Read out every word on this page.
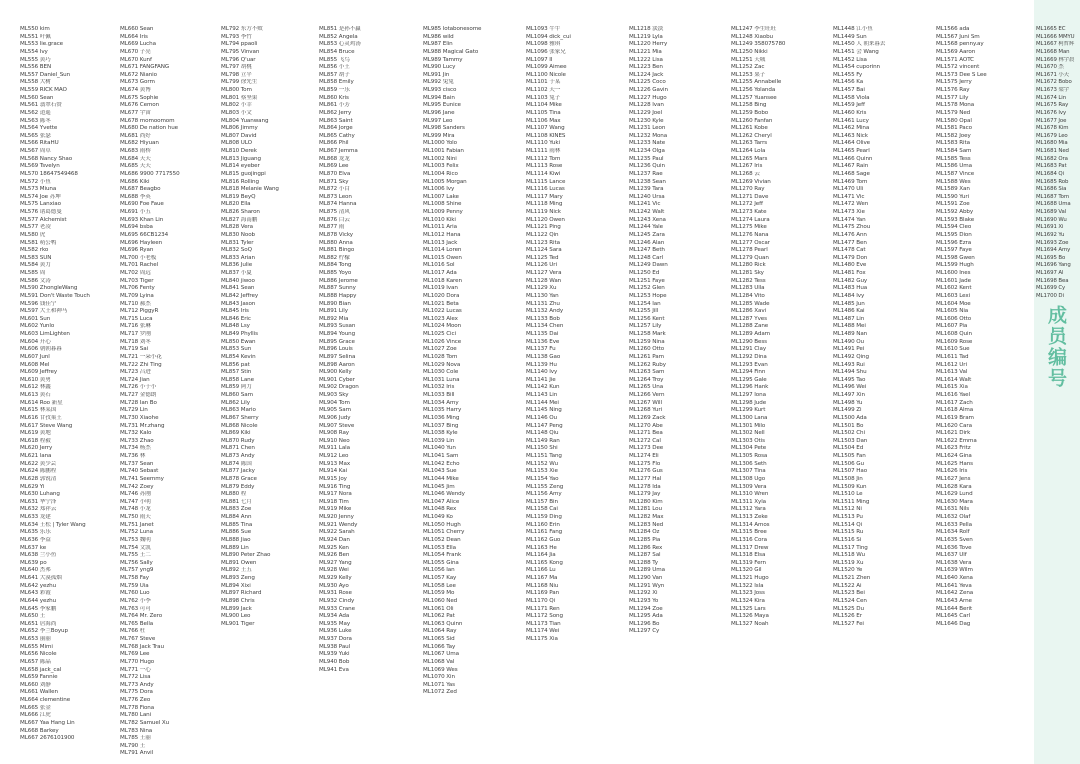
ML550 kim
ML551 叶佩
ML553 lie.grace
ML554 Ivy
ML555 黄巧
ML556 BEN
ML557 Daniel_Sun
ML558 大树
ML559 RICK MAO
ML560 Sean
ML561 翡翠石赞
ML562 逍遥
ML563 陈冬
ML564 Yvette
ML565 张瑟
ML566 RitaHU
ML567 周卓
ML568 Nancy Shao
ML569 Tsvelyn
ML570 18647549468
ML572 小鱼
ML573 Miuna
ML574 Joe 苏坤
ML575 Lanxiao
ML576 诸葛德曼
ML577 Alchemist
ML577 老凌
ML580 虎
ML581 萌公鸭
ML582 rko
ML583 SUN
ML584 黄力
ML585 周
ML586 文涛
ML590 ZhongleWang
ML591 Don't Waste Touch
ML596 钱佳宁
ML597 大王和神马
ML601 Sun
ML602 Yunlo
ML603 LimLighten
ML604 开心
ML606 朝朝暮暮
ML607 Junl
ML608 Mel
ML609 Jeffrey
ML610 黄勇
ML612 林鑫
ML613 黄石
ML614 Roo 新星
ML615 林某国
ML616 甘孜巢王
ML617 Steve Wang
ML619 黄地
ML618 程毅
ML620 Jerry
ML621 lana
ML622 黄少芸
ML624 陈鹏程
ML628 郭锐清
ML629 Yi
ML630 Luhang
ML631 华宁泽
ML632 郑祥云
ML633 龙建
ML634 王松 | Tyler Wang
ML635 乐乐
ML636 李益
ML637 ke
ML638 兰小鱼
ML639 po
ML640 杰弗
ML641 大漠孤烟
ML642 yezhu
ML643 彩霞
ML644 yezhu
ML645 李家鹏
ML650 王
ML651 居海尚
ML652 李兰Boyup
ML653 丽丽
ML655 Mimi
ML656 Nicole
ML657 陈晶
ML658 jack_cal
ML659 Fannie
ML660 刘静
ML661 Wallen
ML664 clementine
ML665 张金
ML666 江虎
ML667 Yaa Hang Lin
ML668 Barkey
ML667 2676101900
ML660 Sean
ML664 Iris
ML669 Lucha
ML670 子亮
ML670 Kunf
ML671 FANGFANG
ML672 Nianio
ML673 Gorm
ML674 黄博
ML675 Sophie
ML676 Cemon
ML677 宇宙
ML678 momoomom
ML680 De nation hue
ML681 尚好
ML682 Hiyuan
ML683 雨桥
ML684 天天
ML685 天天
ML686 9900 7717550
ML686 Kiki
ML687 Beagbo
ML688 李英
ML690 Foe Faue
ML691 小五
ML693 Khan Lin
ML694 bsba
ML695 66CB1234
ML696 Hayleen
ML696 Ryan
ML700 小老板
ML701 Rachel
ML702 周远
ML703 Tiger
ML706 Fenty
ML709 Lyina
ML710 郝杰
ML712 PiggyR
ML715 Luca
ML716 张琳
ML717 罗刚
ML718 刘冬
ML719 Sai
ML721 一朵小花
ML722 Zhi Ting
ML723 吕进
ML724 Jian
ML726 小于小
ML727 金德朗
ML728 Ian Bo
ML729 Lin
ML730 Xiaohe
ML731 Mr.zhang
ML732 Kalo
ML733 Zhao
ML734 杨杰
ML736 林
ML737 Sean
ML740 Sebast
ML741 Seemmy
ML742 Zoey
ML746 苏刚
ML747 小明
ML748 小龙
ML750 雨天
ML751 Janet
ML752 Luna
ML753 魏明
ML754 文凯
ML755 王二
ML756 Sally
ML757 yng9
ML758 Fay
ML759 Uia
ML760 Luo
ML762 小李
ML763 可可
ML764 Mr. Zero
ML765 Bella
ML766 杜
ML767 Steve
ML768 Jack Trau
ML769 Lee
ML770 Hugo
ML771 一心
ML772 Lisa
ML773 Andy
ML775 Dora
ML776 Zeo
ML778 Fiona
ML780 Lani
ML782 Samuel Xu
ML783 Nina
ML785 王丽
ML790 王
ML791 Anvil
ML792 东方不败
ML793 李竹
ML794 ppaoli
ML795 Vinvan
ML796 Q'uar
ML797 胡桃
ML798 立平
ML799 徐先生
ML800 Tom
ML801 蔡坚果
ML802 小幸
ML803 小文
ML804 Yuanwang
ML806 Jimmy
ML807 David
ML808 ULO
ML810 Derek
ML813 Jiguang
ML814 eyeber
ML815 guojingpi
ML816 Rolling
ML818 Melanie Wang
ML819 BeyQ
ML820 Ella
ML826 Sharon
ML827 海南鹏
ML828 Vera
ML830 Noob
ML831 Tyler
ML832 SoQ
ML833 Arian
ML836 Julie
ML837 小夏
ML840 jiwoo
ML841 Sean
ML842 Jeffrey
ML843 Jason
ML845 Iris
ML846 Eric
ML848 Lsy
ML849 Phyllis
ML850 Ewan
ML853 Sun
ML854 Kevin
ML856 pat
ML857 Stin
ML858 Lane
ML859 阿力
ML860 Sam
ML862 Lily
ML863 Mario
ML867 Sherry
ML868 Nicole
ML869 Kiki
ML870 Rudy
ML871 Chen
ML873 Andy
ML874 陈国
ML877 Jacky
ML878 Grace
ML879 Eddy
ML880 程
ML881 七月
ML883 Zoe
ML884 Ann
ML885 Tina
ML886 Sue
ML888 Jiao
ML889 Lin
ML890 Peter Zhao
ML891 Owen
ML892 王五
ML893 Zeng
ML894 Xixi
ML897 Richard
ML898 Chris
ML899 Jack
ML900 Leo
ML901 Tiger
ML851 是孙不赢
ML852 Angela
ML853 心灵鸡汤
ML854 Bruce
ML855 飞鸟
ML856 小王
ML857 胡子
ML858 Emily
ML859 一乐
ML860 Kris
ML861 小芳
ML862 Jerry
ML863 Saint
ML864 Jorge
ML865 Cathy
ML866 Phil
ML867 Jemma
ML868 龙龙
ML869 Lee
ML870 Elva
ML871 Sky
ML872 小白
ML873 Leon
ML874 Hanna
ML875 清风
ML876 白云
ML877 雨
ML878 Vicky
ML880 Anna
ML881 Bingo
ML882 柠檬
ML884 Tong
ML885 Yoyo
ML886 Jerome
ML887 Sunny
ML888 Happy
ML890 Bian
ML891 Lily
ML892 Mia
ML893 Susan
ML894 Young
ML895 Grace
ML896 Louis
ML897 Selina
ML898 Aaron
ML900 Kelly
ML901 Cyber
ML902 Dragon
ML903 Sky
ML904 Tom
ML905 Sam
ML906 Judy
ML907 Steve
ML908 Ray
ML910 Neo
ML911 Lala
ML912 Leo
ML913 Max
ML914 Kai
ML915 Joy
ML916 Ting
ML917 Nora
ML918 Tim
ML919 Mike
ML920 Jenny
ML921 Wendy
ML922 Sarah
ML924 Dan
ML925 Ken
ML926 Ben
ML927 Yang
ML928 Wei
ML929 Kelly
ML930 Ayo
ML931 Rose
ML932 Cindy
ML933 Crane
ML934 Ada
ML935 May
ML936 Luke
ML937 Dora
ML938 Paul
ML939 Yuki
ML940 Bob
ML941 Eva
ML985 lotabonesome
ML986 wild
ML987 Elin
ML988 Magical Gato
ML989 Tammy
ML990 Lucy
ML991 Jin
ML992 兔兔
ML993 cisco
ML994 Bain
ML995 Eunice
ML996 Jane
ML997 Leo
ML998 Sanders
ML999 Mira
ML1000 Yolo
ML1001 Fabian
ML1002 Nini
ML1003 Felix
ML1004 Rico
ML1005 Morgan
ML1006 Ivy
ML1007 Lake
ML1008 Shine
ML1009 Penny
ML1010 Kiki
ML1011 Aria
ML1012 Hana
ML1013 Jack
ML1014 Loren
ML1015 Owen
ML1016 Sol
ML1017 Ada
ML1018 Karen
ML1019 Ivan
ML1020 Dora
ML1021 Beta
ML1022 Lucas
ML1023 Alex
ML1024 Moon
ML1025 Cici
ML1026 Vince
ML1027 Zoe
ML1028 Tom
ML1029 Nova
ML1030 Cole
ML1031 Luna
ML1032 Iris
ML1033 Bill
ML1034 Amy
ML1035 Harry
ML1036 Ming
ML1037 Bing
ML1038 Kyle
ML1039 Lin
ML1040 Yun
ML1041 Sam
ML1042 Echo
ML1043 Sue
ML1044 Mike
ML1045 Jim
ML1046 Wendy
ML1047 Alice
ML1048 Rex
ML1049 Ko
ML1050 Hugh
ML1051 Cherry
ML1052 Dean
ML1053 Ella
ML1054 Frank
ML1055 Gina
ML1056 Ian
ML1057 Kay
ML1058 Lee
ML1059 Mo
ML1060 Ned
ML1061 Oli
ML1062 Pat
ML1063 Quinn
ML1064 Ray
ML1065 Sid
ML1066 Tay
ML1067 Uma
ML1068 Val
ML1069 Wes
ML1070 Xin
ML1071 Yas
ML1072 Zed
ML1093 牛牛
ML1094 dick_cui
ML1098 雅琪
ML1096 张家兄
ML1097 II
ML1099 Aimee
ML1100 Nicole
ML1101 于某
ML1102 天一
ML1103 兔子
ML1104 Mike
ML1105 Tina
ML1106 Max
ML1107 Wang
ML1108 KINES
ML1110 Yuki
ML1111 雨林
ML1112 Tom
ML1113 Rose
ML1114 Kiwi
ML1115 Lance
ML1116 Lucas
ML1117 Mary
ML1118 Ming
ML1119 Nick
ML1120 Owen
ML1121 Ping
ML1122 Qin
ML1123 Rita
ML1124 Sara
ML1125 Ted
ML1126 Uri
ML1127 Vera
ML1128 Wan
ML1129 Xu
ML1130 Yan
ML1131 Zhu
ML1132 Andy
ML1133 Bob
ML1134 Chen
ML1135 Dai
ML1136 Eve
ML1137 Fu
ML1138 Gao
ML1139 Hu
ML1140 Ivy
ML1141 Jie
ML1142 Kun
ML1143 Lin
ML1144 Mei
ML1145 Ning
ML1146 Ou
ML1147 Peng
ML1148 Qiu
ML1149 Ran
ML1150 Shi
ML1151 Tang
ML1152 Wu
ML1153 Xie
ML1154 Yao
ML1155 Zeng
ML1156 Amy
ML1157 Bin
ML1158 Cai
ML1159 Ding
ML1160 Erin
ML1161 Fang
ML1162 Guo
ML1163 He
ML1164 Jia
ML1165 Kong
ML1166 Lu
ML1167 Ma
ML1168 Niu
ML1169 Pan
ML1170 Qi
ML1171 Ren
ML1172 Song
ML1173 Tian
ML1174 Wei
ML1175 Xia
ML1218 淡淡
ML1219 Lyla
ML1220 Herry
ML1221 Mia
ML1222 Lisa
ML1223 Ben
ML1224 Jack
ML1225 Coco
ML1226 Gavin
ML1227 Hugo
ML1228 Ivan
ML1229 Joel
ML1230 Kyle
ML1231 Leon
ML1232 Mona
ML1233 Nate
ML1234 Olga
ML1235 Paul
ML1236 Quin
ML1237 Rae
ML1238 Sean
ML1239 Tara
ML1240 Ursa
ML1241 Vic
ML1242 Walt
ML1243 Xena
ML1244 Yale
ML1245 Zara
ML1246 Alan
ML1247 Beth
ML1248 Carl
ML1249 Dawn
ML1250 Ed
ML1251 Faye
ML1252 Glen
ML1253 Hope
ML1254 Ian
ML1255 Jill
ML1256 Kent
ML1257 Lily
ML1258 Mark
ML1259 Nina
ML1260 Otto
ML1261 Pam
ML1262 Ruby
ML1263 Sam
ML1264 Troy
ML1265 Una
ML1266 Vern
ML1267 Will
ML1268 Yuri
ML1269 Zack
ML1270 Abe
ML1271 Bea
ML1272 Cal
ML1273 Dee
ML1274 Eli
ML1275 Flo
ML1276 Gus
ML1277 Hal
ML1278 Ida
ML1279 Jay
ML1280 Kim
ML1281 Lou
ML1282 Max
ML1283 Ned
ML1284 Oz
ML1285 Pia
ML1286 Rex
ML1287 Sal
ML1288 Ty
ML1289 Uma
ML1290 Van
ML1291 Wyn
ML1292 Xi
ML1293 Yo
ML1294 Zoe
ML1295 Ada
ML1296 Bo
ML1297 Cy
ML1247 李生旺旺
ML1248 Xiaobu
ML1249 358075780
ML1250 Nikki
ML1251 天城
ML1252 Zac
ML1253 果子
ML1255 Annabelle
ML1256 Yolanda
ML1257 Yuansee
ML1258 Bing
ML1259 Bobo
ML1260 Fanfan
ML1261 Kobe
ML1262 Cheryl
ML1263 Tarrs
ML1264 Lola
ML1265 Mars
ML1267 Iris
ML1268 云
ML1269 Vivian
ML1270 Ray
ML1271 Dave
ML1272 Jeff
ML1273 Kate
ML1274 Laura
ML1275 Mike
ML1276 Nana
ML1277 Oscar
ML1278 Pearl
ML1279 Quan
ML1280 Rick
ML1281 Sky
ML1282 Tess
ML1283 Ulla
ML1284 Vito
ML1285 Wade
ML1286 Xavi
ML1287 Yves
ML1288 Zane
ML1289 Adam
ML1290 Bess
ML1291 Clay
ML1292 Dina
ML1293 Evan
ML1294 Finn
ML1295 Gale
ML1296 Hank
ML1297 Iona
ML1298 Jude
ML1299 Kurt
ML1300 Lana
ML1301 Milo
ML1302 Nell
ML1303 Otis
ML1304 Pete
ML1305 Rosa
ML1306 Seth
ML1307 Tina
ML1308 Ugo
ML1309 Vera
ML1310 Wren
ML1311 Xyla
ML1312 Yara
ML1313 Zeke
ML1314 Amos
ML1315 Bree
ML1316 Cora
ML1317 Drew
ML1318 Elsa
ML1319 Fern
ML1320 Gil
ML1321 Hugo
ML1322 Isla
ML1323 Joss
ML1324 Kira
ML1325 Lars
ML1326 Maya
ML1327 Noah
ML1448 江小鱼
ML1449 Sun
ML1450 人 朝来暮去
ML1451 会 Wang
ML1452 Lisa
ML1454 cuporinn
ML1455 Fy
ML1456 Ka
ML1457 Bai
ML1458 Viola
ML1459 Jeff
ML1460 Kris
ML1461 Lucy
ML1462 Mina
ML1463 Nick
ML1464 Olive
ML1465 Pearl
ML1466 Quinn
ML1467 Rain
ML1468 Sage
ML1469 Tom
ML1470 Uli
ML1471 Vic
ML1472 Wen
ML1473 Xie
ML1474 Yan
ML1475 Zhou
ML1476 Ann
ML1477 Ben
ML1478 Cat
ML1479 Don
ML1480 Eve
ML1481 Fox
ML1482 Guy
ML1483 Hua
ML1484 Ivy
ML1485 Jun
ML1486 Kai
ML1487 Lin
ML1488 Mei
ML1489 Nan
ML1490 Ou
ML1491 Pei
ML1492 Qing
ML1493 Rui
ML1494 Shu
ML1495 Tao
ML1496 Wei
ML1497 Xin
ML1498 Yu
ML1499 Zi
ML1500 Ada
ML1501 Bo
ML1502 Chi
ML1503 Dan
ML1504 Ed
ML1505 Fan
ML1506 Gu
ML1507 Hao
ML1508 Jin
ML1509 Kun
ML1510 Le
ML1511 Ming
ML1512 Ni
ML1513 Pu
ML1514 Qi
ML1515 Ru
ML1516 Si
ML1517 Ting
ML1518 Wu
ML1519 Xu
ML1520 Ye
ML1521 Zhen
ML1522 Ai
ML1523 Bei
ML1524 Cen
ML1525 Du
ML1526 Er
ML1527 Fei
ML1566 ada
ML1567 Juni Sm
ML1568 penny.ay
ML1569 Aaron
ML1571 AOTC
ML1572 vincent
ML1573 Dee S Lee
ML1575 Jerry
ML1576 Ray
ML1577 Lily
ML1578 Mona
ML1579 Ned
ML1580 Opal
ML1581 Paco
ML1582 Joey
ML1583 Rita
ML1584 Sam
ML1585 Tess
ML1586 Uma
ML1587 Vince
ML1588 Wes
ML1589 Xan
ML1590 Yuri
ML1591 Zoe
ML1592 Abby
ML1593 Blake
ML1594 Cleo
ML1595 Dion
ML1596 Ezra
ML1597 Faye
ML1598 Gwen
ML1599 Hugh
ML1600 Ines
ML1601 Jade
ML1602 Kent
ML1603 Lexi
ML1604 Moe
ML1605 Nia
ML1606 Otto
ML1607 Pia
ML1608 Quin
ML1609 Rose
ML1610 Sue
ML1611 Tad
ML1612 Uri
ML1613 Val
ML1614 Walt
ML1615 Xia
ML1616 Yael
ML1617 Zach
ML1618 Alma
ML1619 Bram
ML1620 Cara
ML1621 Dirk
ML1622 Emma
ML1623 Fritz
ML1624 Gina
ML1625 Hans
ML1626 Iris
ML1627 Jens
ML1628 Kara
ML1629 Lund
ML1630 Mara
ML1631 Nils
ML1632 Olaf
ML1633 Pella
ML1634 Rolf
ML1635 Sven
ML1636 Tove
ML1637 Ulf
ML1638 Vera
ML1639 Wilm
ML1640 Xena
ML1641 Yeva
ML1642 Zena
ML1643 Arne
ML1644 Berit
ML1645 Carl
ML1646 Dag
ML1665 EC
ML1666 MMYU
ML1667 柯哲辉
ML1668 Man
ML1669 林宇晨
ML1670 杰
ML1671 小天
ML1672 Bobo
ML1673 梁宇
ML1674 Lin
ML1675 Ray
ML1676 Ivy
ML1677 Joe
ML1678 Kim
ML1679 Leo
ML1680 Mia
ML1681 Ned
ML1682 Ora
ML1683 Pat
ML1684 Qi
ML1685 Rob
ML1686 Sia
ML1687 Tom
ML1688 Uma
ML1689 Val
ML1690 Wu
ML1691 Xi
ML1692 Yu
ML1693 Zoe
ML1694 Amy
ML1695 Bo
ML1696 Yang
ML1697 Al
ML1698 Bea
ML1699 Cy
ML1700 Di
成员编号
